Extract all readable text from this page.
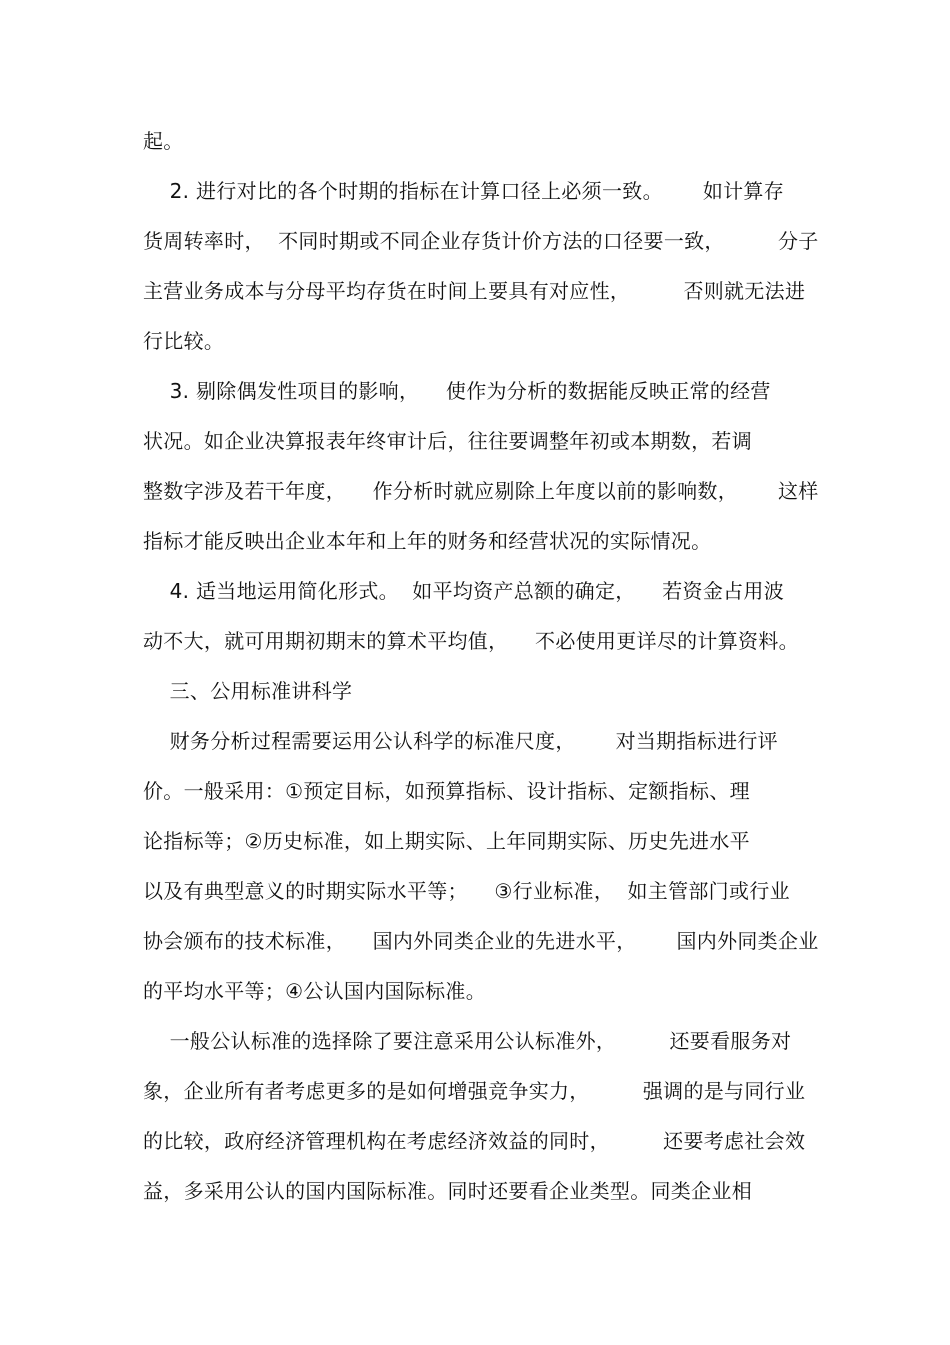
起。
2. 进行对比的各个时期的指标在计算口径上必须一致。      如计算存
货周转率时，  不同时期或不同企业存货计价方法的口径要一致，        分子
主营业务成本与分母平均存货在时间上要具有对应性，        否则就无法进
行比较。
3. 剔除偶发性项目的影响，    使作为分析的数据能反映正常的经营
状况。如企业决算报表年终审计后，往往要调整年初或本期数，若调
整数字涉及若干年度，    作分析时就应剔除上年度以前的影响数，      这样
指标才能反映出企业本年和上年的财务和经营状况的实际情况。
4. 适当地运用简化形式。  如平均资产总额的确定，    若资金占用波
动不大，就可用期初期末的算术平均值，    不必使用更详尽的计算资料。
三、公用标准讲科学
财务分析过程需要运用公认科学的标准尺度，      对当期指标进行评
价。一般采用：①预定目标，如预算指标、设计指标、定额指标、理
论指标等；②历史标准，如上期实际、上年同期实际、历史先进水平
以及有典型意义的时期实际水平等；    ③行业标准，  如主管部门或行业
协会颁布的技术标准，    国内外同类企业的先进水平，      国内外同类企业
的平均水平等；④公认国内国际标准。
一般公认标准的选择除了要注意采用公认标准外，        还要看服务对
象，企业所有者考虑更多的是如何增强竞争实力，        强调的是与同行业
的比较，政府经济管理机构在考虑经济效益的同时，        还要考虑社会效
益，多采用公认的国内国际标准。同时还要看企业类型。同类企业相
